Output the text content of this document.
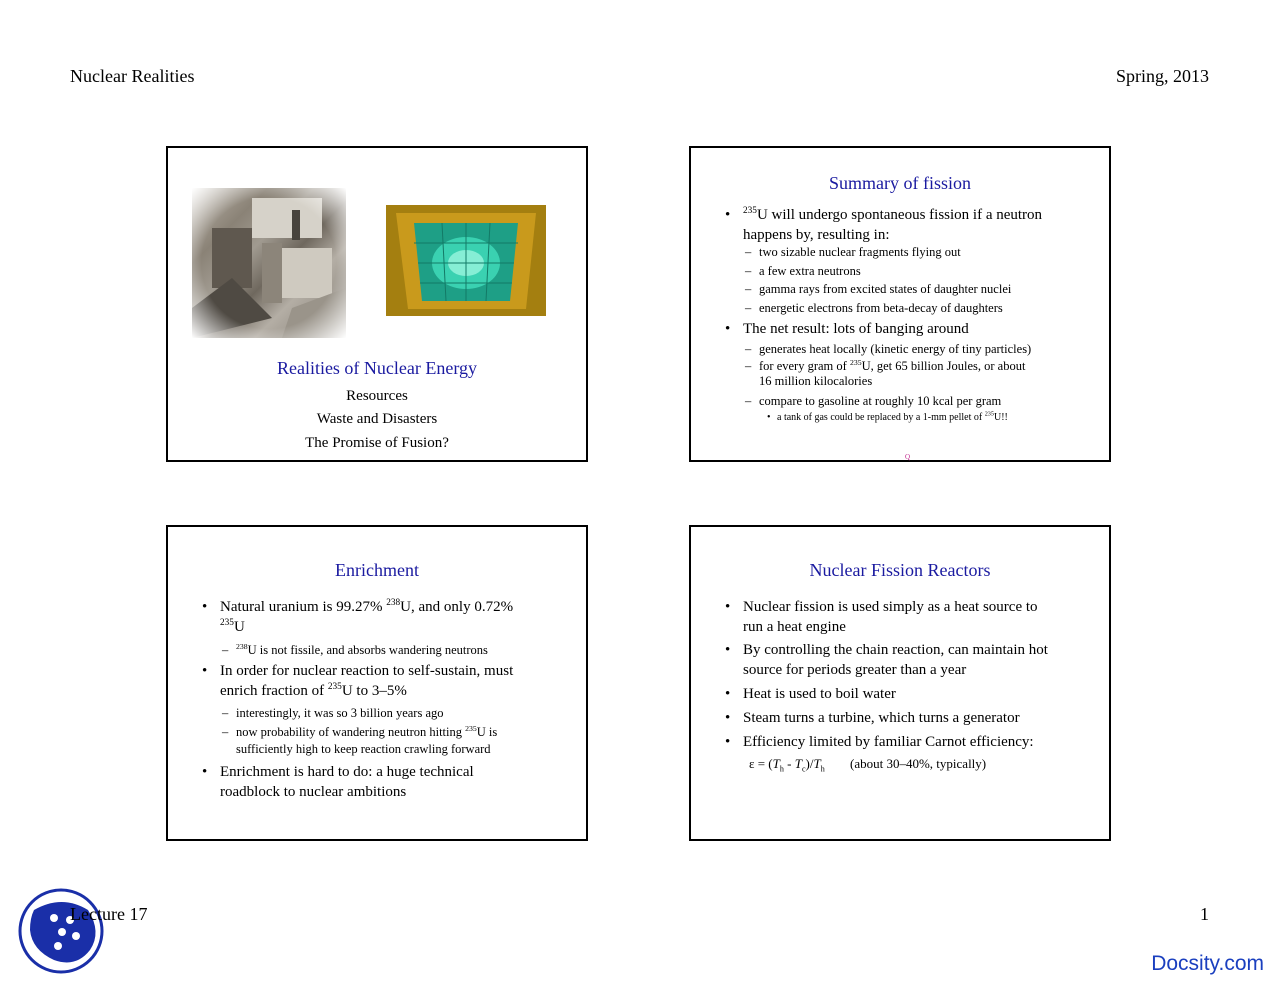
Nuclear Realities	Spring, 2013
Realities of Nuclear Energy
Resources
Waste and Disasters
The Promise of Fusion?
Summary of fission
• $^{235}$U will undergo spontaneous fission if a neutron
happens by, resulting in:
– two sizable nuclear fragments flying out
– a few extra neutrons
– gamma rays from excited states of daughter nuclei
– energetic electrons from beta-decay of daughters
• The net result: lots of banging around
– generates heat locally (kinetic energy of tiny particles)
– for every gram of $^{235}$U, get 65 billion Joules, or about
16 million kilocalories
– compare to gasoline at roughly 10 kcal per gram
• a tank of gas could be replaced by a 1-mm pellet of $^{235}$U!!
Q
Enrichment
• Natural uranium is 99.27% $^{238}$U, and only 0.72%
$^{235}$U
– $^{238}$U is not fissile, and absorbs wandering neutrons
• In order for nuclear reaction to self-sustain, must
enrich fraction of $^{235}$U to 3–5%
– interestingly, it was so 3 billion years ago
– now probability of wandering neutron hitting $^{235}$U is
sufficiently high to keep reaction crawling forward
• Enrichment is hard to do: a huge technical
roadblock to nuclear ambitions
Nuclear Fission Reactors
• Nuclear fission is used simply as a heat source to
run a heat engine
• By controlling the chain reaction, can maintain hot
source for periods greater than a year
• Heat is used to boil water
• Steam turns a turbine, which turns a generator
• Efficiency limited by familiar Carnot efficiency:
$\varepsilon = (T_h - T_c)/T_h$ (about 30–40%, typically)
Lecture 17	1
Docsity.com
